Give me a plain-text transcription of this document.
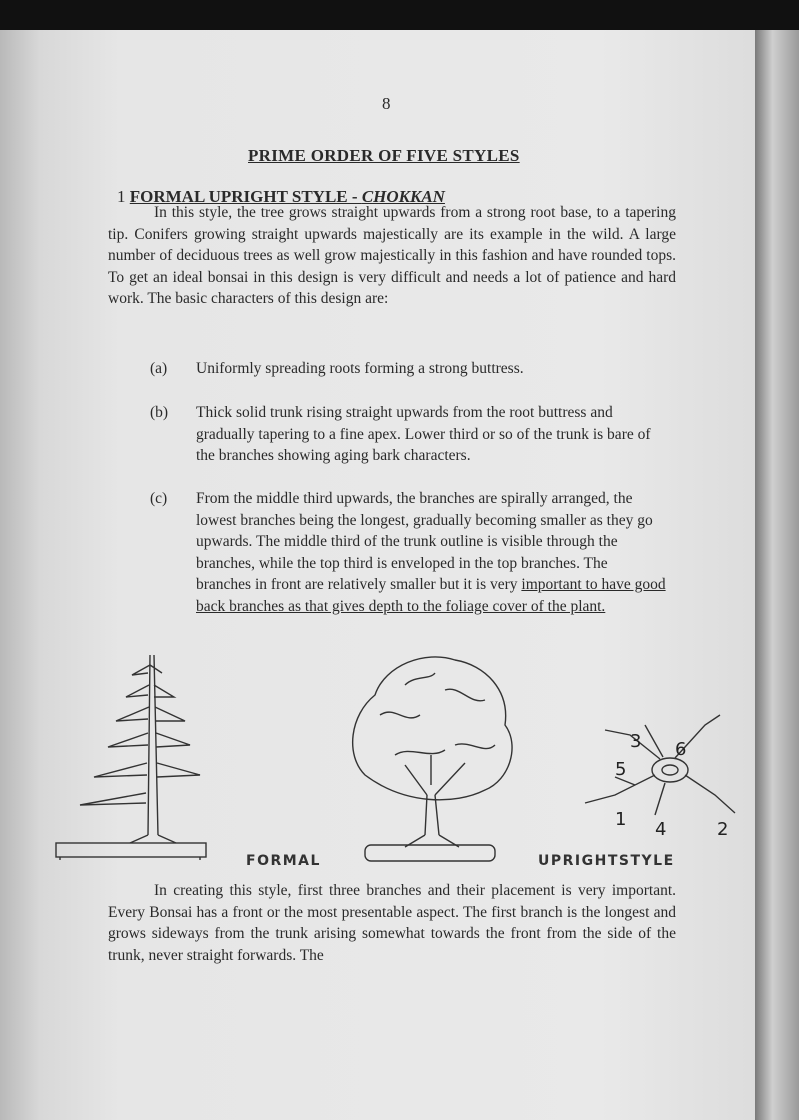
8
PRIME ORDER OF FIVE STYLES
1 FORMAL UPRIGHT STYLE - CHOKKAN

In this style, the tree grows straight upwards from a strong root base, to a tapering tip. Conifers growing straight upwards majestically are its example in the wild. A large number of deciduous trees as well grow majestically in this fashion and have rounded tops. To get an ideal bonsai in this design is very difficult and needs a lot of patience and hard work. The basic characters of this design are:

(a) Uniformly spreading roots forming a strong buttress.
(b) Thick solid trunk rising straight upwards from the root buttress and gradually tapering to a fine apex. Lower third or so of the trunk is bare of the branches showing aging bark characters.
(c) From the middle third upwards, the branches are spirally arranged, the lowest branches being the longest, gradually becoming smaller as they go upwards. The middle third of the trunk outline is visible through the branches, while the top third is enveloped in the top branches. The branches in front are relatively smaller but it is very important to have good back branches as that gives depth to the foliage cover of the plant.
1	2
3
4
5
6
FORMAL	UPRIGHTSTYLE

In creating this style, first three branches and their placement is very important. Every Bonsai has a front or the most presentable aspect. The first branch is the longest and grows sideways from the trunk arising somewhat towards the front from the side of the trunk, never straight forwards. The
